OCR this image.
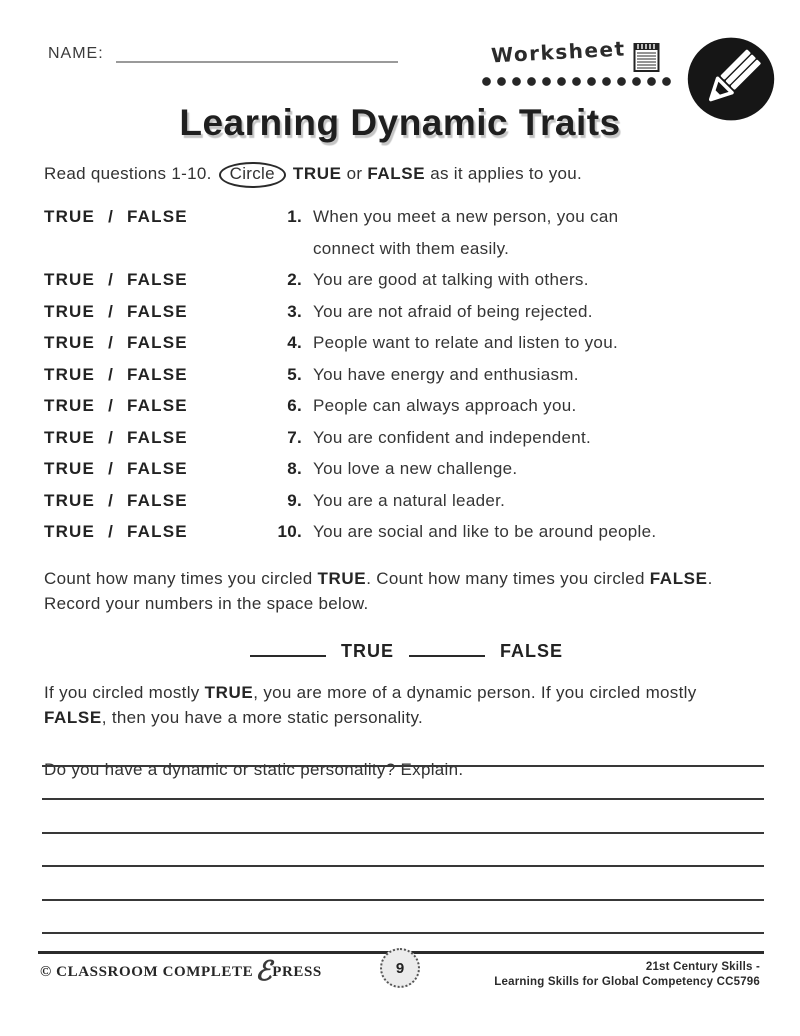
NAME:	Worksheet
Learning Dynamic Traits

Read questions 1-10. Circle TRUE or FALSE as it applies to you.

TRUE / FALSE	1. When you meet a new person, you can connect with them easily.
TRUE / FALSE	2. You are good at talking with others.
TRUE / FALSE	3. You are not afraid of being rejected.
TRUE / FALSE	4. People want to relate and listen to you.
TRUE / FALSE	5. You have energy and enthusiasm.
TRUE / FALSE	6. People can always approach you.
TRUE / FALSE	7. You are confident and independent.
TRUE / FALSE	8. You love a new challenge.
TRUE / FALSE	9. You are a natural leader.
TRUE / FALSE	10. You are social and like to be around people.

Count how many times you circled TRUE. Count how many times you circled FALSE. Record your numbers in the space below.

TRUE	FALSE

If you circled mostly TRUE, you are more of a dynamic person. If you circled mostly FALSE, then you have a more static personality.

Do you have a dynamic or static personality? Explain.

© CLASSROOM COMPLETE ℰ PRESS	9	21st Century Skills -
Learning Skills for Global Competency CC5796
